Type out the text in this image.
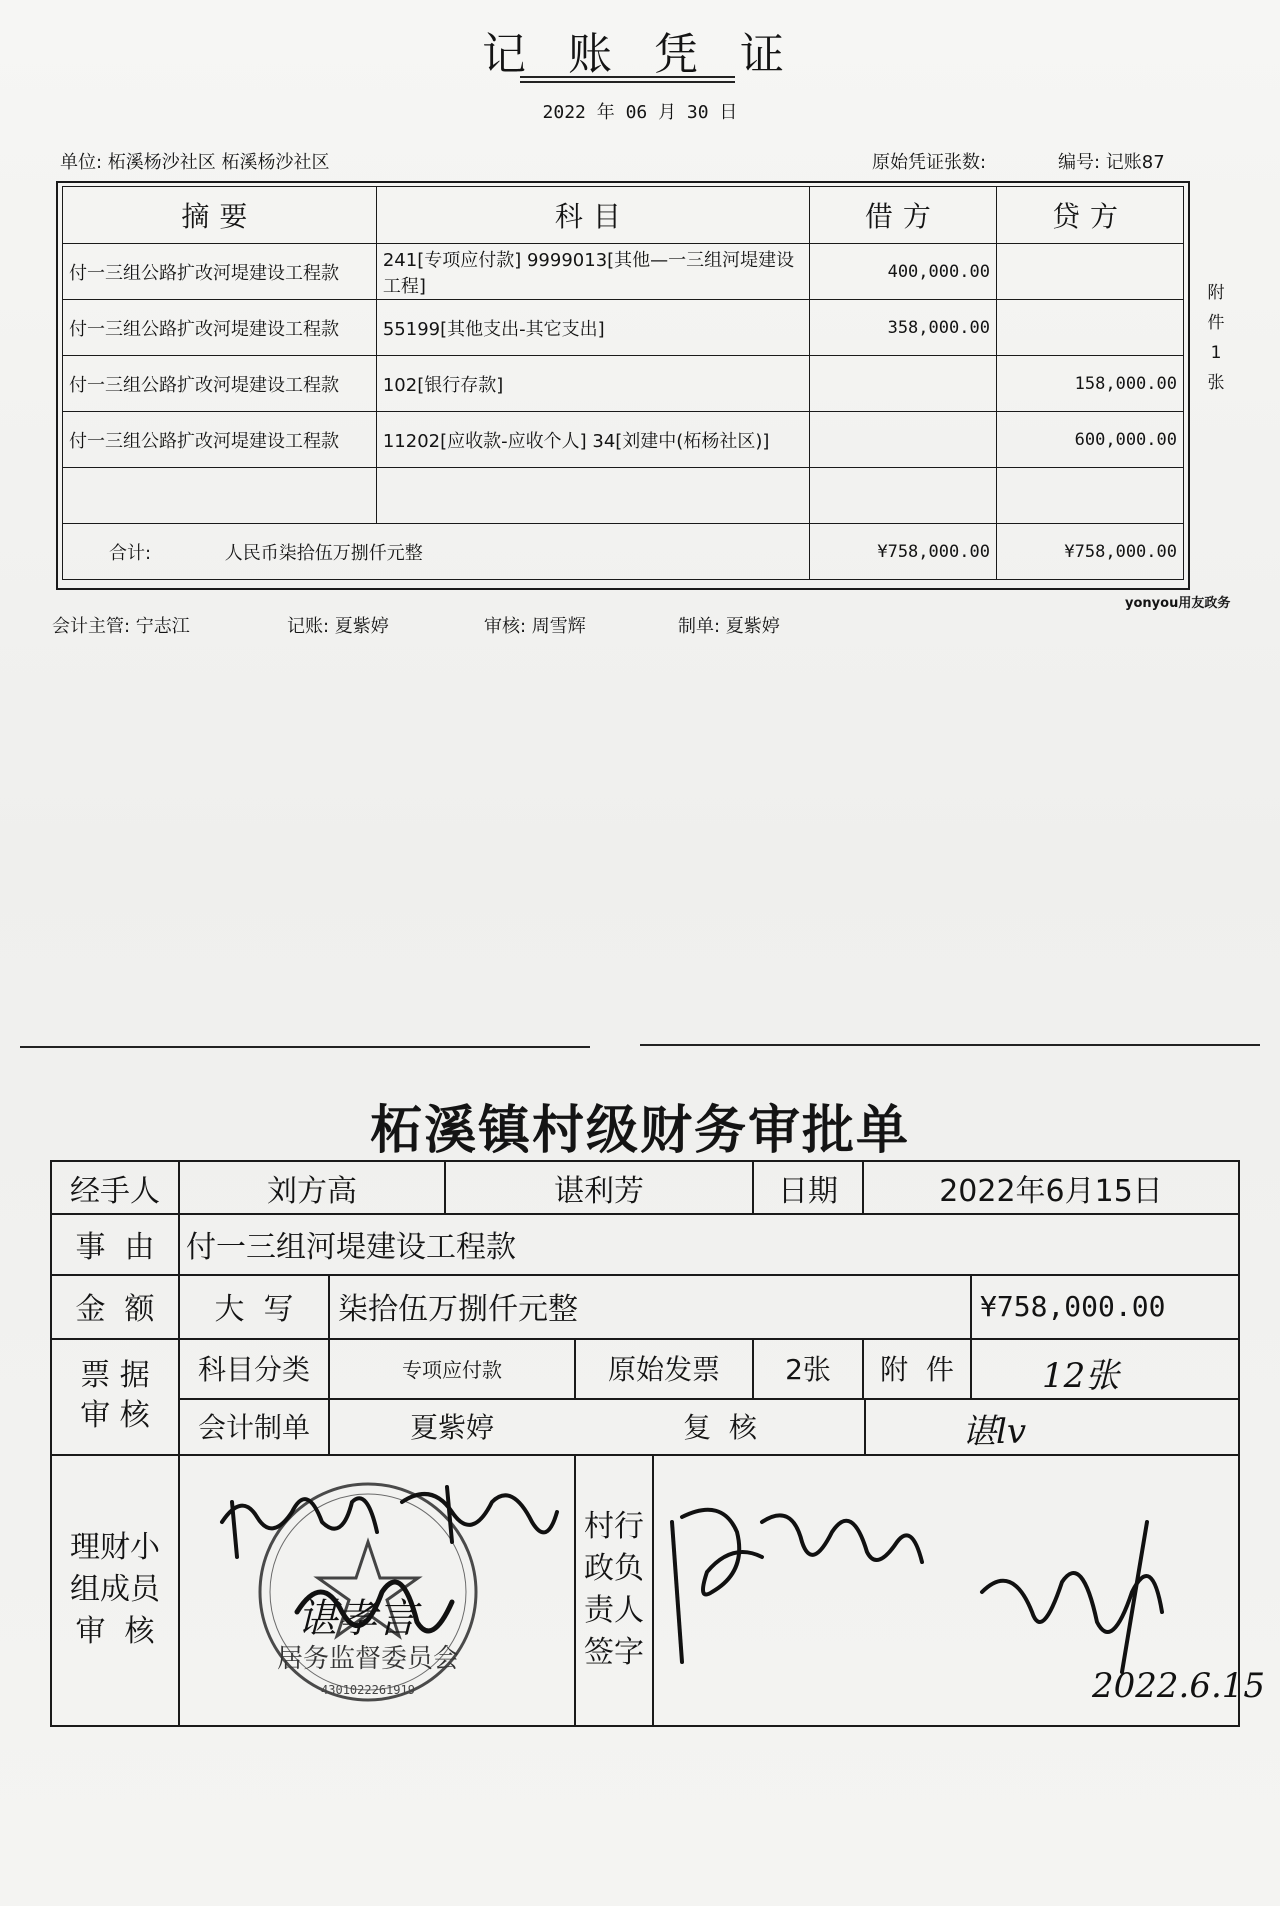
记 账 凭 证
2022 年 06 月 30 日
单位: 柘溪杨沙社区 柘溪杨沙社区	原始凭证张数:	编号: 记账87
摘要	科目	借方	贷方
付一三组公路扩改河堤建设工程款	241[专项应付款] 9999013[其他—一三组河堤建设工程]	400,000.00	
付一三组公路扩改河堤建设工程款	55199[其他支出-其它支出]	358,000.00	
付一三组公路扩改河堤建设工程款	102[银行存款]		158,000.00
付一三组公路扩改河堤建设工程款	11202[应收款-应收个人] 34[刘建中(柘杨社区)]		600,000.00

合计: 人民币柒拾伍万捌仟元整		¥758,000.00	¥758,000.00
附
件
1
张
yonyou用友政务
会计主管: 宁志江	记账: 夏紫婷	审核: 周雪辉	制单: 夏紫婷
柘溪镇村级财务审批单
经手人	刘方高	谌利芳	日期	2022年6月15日
事  由	付一三组河堤建设工程款
金  额	大  写	柒拾伍万捌仟元整	¥758,000.00
票 据
审 核
科目分类	专项应付款	原始发票	2张	附  件	12张
会计制单	夏紫婷	复  核	谌lv
理财小
组成员
审  核
村行
政负
责人
签字
居务监督委员会
4301022261919
谌孝言
2022.6.15
